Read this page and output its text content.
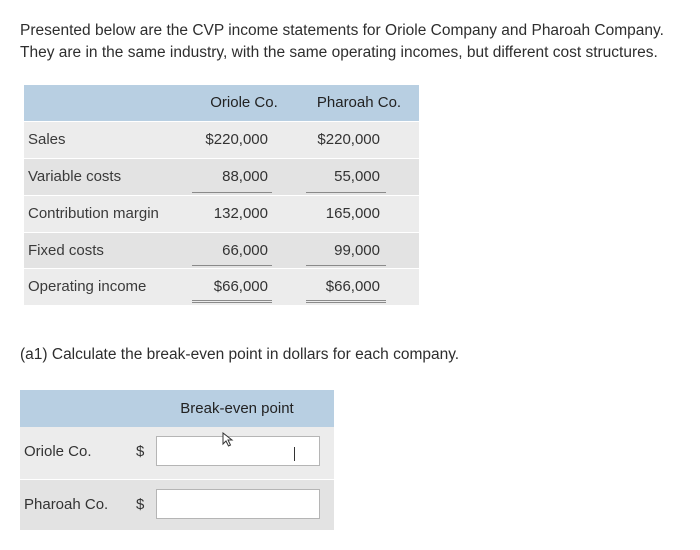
Presented below are the CVP income statements for Oriole Company and Pharoah Company. They are in the same industry, with the same operating incomes, but different cost structures.
Oriole Co.	Pharoah Co.
Sales	$220,000	$220,000
Variable costs	88,000	55,000
Contribution margin	132,000	165,000
Fixed costs	66,000	99,000
Operating income	$66,000	$66,000
(a1) Calculate the break-even point in dollars for each company.
Break-even point
Oriole Co.	$
Pharoah Co. $
